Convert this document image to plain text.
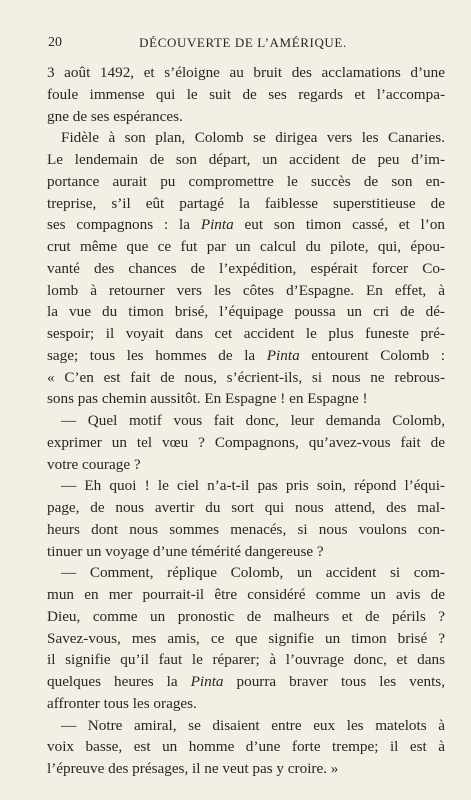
20	DÉCOUVERTE DE L’AMÉRIQUE.
3 août 1492, et s’éloigne au bruit des acclamations d’une
foule immense qui le suit de ses regards et l’accompa-
gne de ses espérances.
Fidèle à son plan, Colomb se dirigea vers les Canaries.
Le lendemain de son départ, un accident de peu d’im-
portance aurait pu compromettre le succès de son en-
treprise, s’il eût partagé la faiblesse superstitieuse de
ses compagnons : la Pinta eut son timon cassé, et l’on
crut même que ce fut par un calcul du pilote, qui, épou-
vanté des chances de l’expédition, espérait forcer Co-
lomb à retourner vers les côtes d’Espagne. En effet, à
la vue du timon brisé, l’équipage poussa un cri de dé-
sespoir; il voyait dans cet accident le plus funeste pré-
sage; tous les hommes de la Pinta entourent Colomb :
« C’en est fait de nous, s’écrient-ils, si nous ne rebrous-
sons pas chemin aussitôt. En Espagne ! en Espagne !
— Quel motif vous fait donc, leur demanda Colomb,
exprimer un tel vœu ? Compagnons, qu’avez-vous fait de
votre courage ?
— Eh quoi ! le ciel n’a-t-il pas pris soin, répond l’équi-
page, de nous avertir du sort qui nous attend, des mal-
heurs dont nous sommes menacés, si nous voulons con-
tinuer un voyage d’une témérité dangereuse ?
— Comment, réplique Colomb, un accident si com-
mun en mer pourrait-il être considéré comme un avis de
Dieu, comme un pronostic de malheurs et de périls ?
Savez-vous, mes amis, ce que signifie un timon brisé ?
il signifie qu’il faut le réparer; à l’ouvrage donc, et dans
quelques heures la Pinta pourra braver tous les vents,
affronter tous les orages.
— Notre amiral, se disaient entre eux les matelots à
voix basse, est un homme d’une forte trempe; il est à
l’épreuve des présages, il ne veut pas y croire. »
